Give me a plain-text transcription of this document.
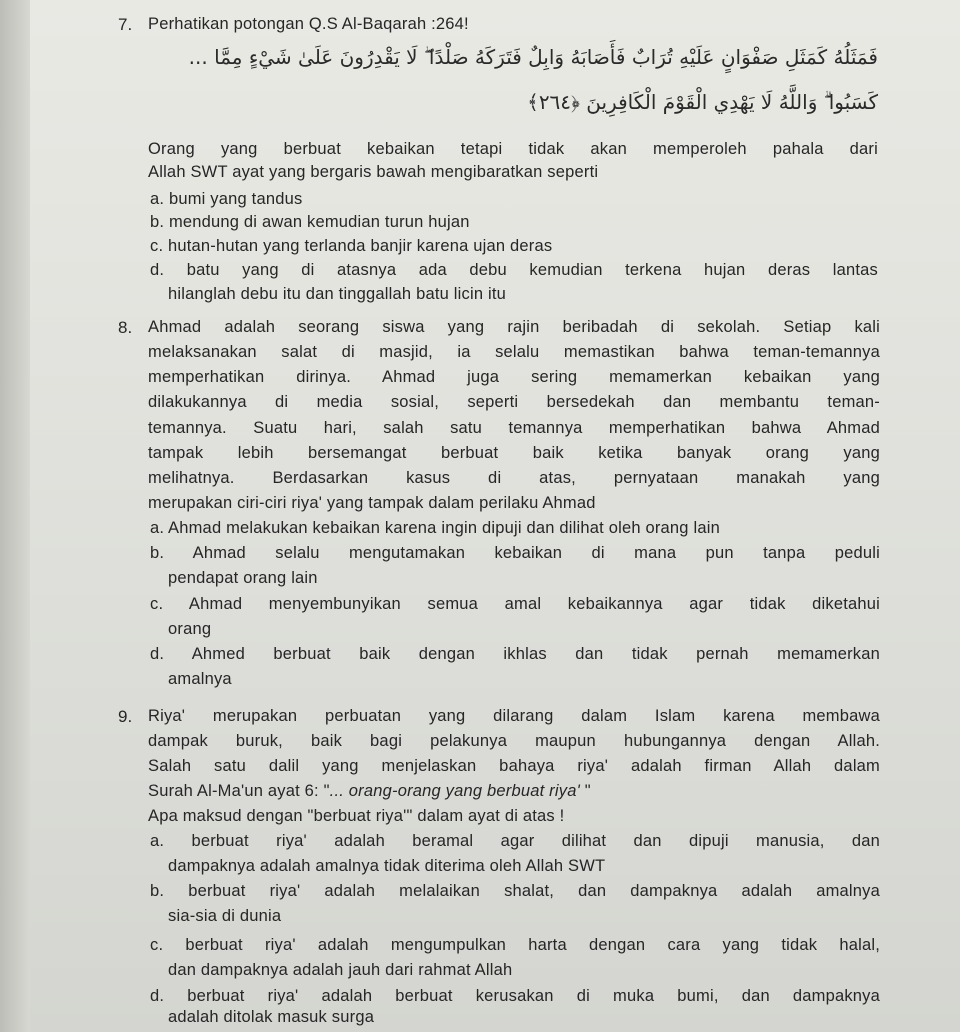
7. Perhatikan potongan Q.S Al-Baqarah :264!
فَمَثَلُهُ كَمَثَلِ صَفْوَانٍ عَلَيْهِ تُرَابٌ فَأَصَابَهُ وَابِلٌ فَتَرَكَهُ صَلْدًا ۖ لَا يَقْدِرُونَ عَلَىٰ شَيْءٍ مِمَّا ...
كَسَبُوا ۗ وَاللَّهُ لَا يَهْدِي الْقَوْمَ الْكَافِرِينَ ﴿٢٦٤﴾
Orang yang berbuat kebaikan tetapi tidak akan memperoleh pahala dari
Allah SWT ayat yang bergaris bawah mengibaratkan seperti
a. bumi yang tandus
b. mendung di awan kemudian turun hujan
c. hutan-hutan yang terlanda banjir karena ujan deras
d. batu yang di atasnya ada debu kemudian terkena hujan deras lantas
hilanglah debu itu dan tinggallah batu licin itu
8. Ahmad adalah seorang siswa yang rajin beribadah di sekolah. Setiap kali
melaksanakan salat di masjid, ia selalu memastikan bahwa teman-temannya
memperhatikan dirinya. Ahmad juga sering memamerkan kebaikan yang
dilakukannya di media sosial, seperti bersedekah dan membantu teman-
temannya. Suatu hari, salah satu temannya memperhatikan bahwa Ahmad
tampak lebih bersemangat berbuat baik ketika banyak orang yang
melihatnya. Berdasarkan kasus di atas, pernyataan manakah yang
merupakan ciri-ciri riya' yang tampak dalam perilaku Ahmad
a. Ahmad melakukan kebaikan karena ingin dipuji dan dilihat oleh orang lain
b. Ahmad selalu mengutamakan kebaikan di mana pun tanpa peduli
pendapat orang lain
c. Ahmad menyembunyikan semua amal kebaikannya agar tidak diketahui
orang
d. Ahmed berbuat baik dengan ikhlas dan tidak pernah memamerkan
amalnya
9. Riya' merupakan perbuatan yang dilarang dalam Islam karena membawa
dampak buruk, baik bagi pelakunya maupun hubungannya dengan Allah.
Salah satu dalil yang menjelaskan bahaya riya' adalah firman Allah dalam
Surah Al-Ma'un ayat 6: "... orang-orang yang berbuat riya' "
Apa maksud dengan "berbuat riya'" dalam ayat di atas !
a. berbuat riya' adalah beramal agar dilihat dan dipuji manusia, dan
dampaknya adalah amalnya tidak diterima oleh Allah SWT
b. berbuat riya' adalah melalaikan shalat, dan dampaknya adalah amalnya
sia-sia di dunia
c. berbuat riya' adalah mengumpulkan harta dengan cara yang tidak halal,
dan dampaknya adalah jauh dari rahmat Allah
d. berbuat riya' adalah berbuat kerusakan di muka bumi, dan dampaknya
adalah ditolak masuk surga
